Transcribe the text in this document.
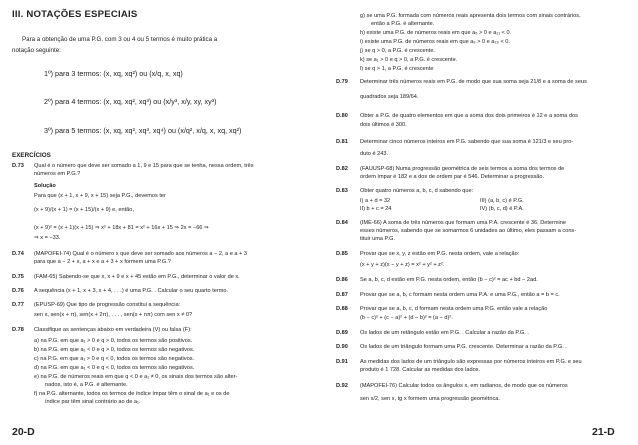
III. NOTAÇÕES ESPECIAIS
Para a obtenção de uma P.G. com 3 ou 4 ou 5 termos é muito prática a
notação seguinte:
1º) para 3 termos: (x, xq, xq²) ou (x/q, x, xq)
2º) para 4 termos: (x, xq, xq², xq³) ou (x/y³, x/y, xy, xy³)
3º) para 5 termos: (x, xq, xq², xq³, xq⁴) ou (x/q², x/q, x, xq, xq²)
EXERCÍCIOS
D.73 Qual é o número que deve ser somado a 1, 9 e 15 para que se tenha, nessa ordem, três
números em P.G.?
Solução
Para que (x + 1, x + 9, x + 15) seja P.G., devemos ter
(x + 9)/(x + 1) = (x + 15)/(x + 9) e, então,
(x + 9)² = (x + 1)(x + 15) ⇒ x² + 18x + 81 = x² + 16x + 15 ⇒ 2x = −66 ⇒
⇒ x = −33.
D.74 (MAPOFEI-74) Qual é o número x que deve ser somado aos números a − 2, a e a + 3
para que a − 2 + x, a + x e a + 3 + x formem uma P.G.?
D.75 (FAM-65) Sabendo-se que x, x + 9 e x + 45 estão em P.G., determinar o valor de x.
D.76 A sequência (x + 1, x + 3, x + 4, . . .) é uma P.G. . Calcular o seu quarto termo.
D.77 (EPUSP-69) Que tipo de progressão constitui a sequência:
sen x, sen(x + π), sen(x + 2π), . . . , sen(x + nπ) com sen x ≠ 0?
D.78 Classifique as sentenças abaixo em verdadeira (V) ou falsa (F):
a) na P.G. em que a₁ > 0 e q > 0, todos os termos são positivos.
b) na P.G. em que a₁ < 0 e q > 0, todos os termos são negativos.
c) na P.G. em que a₁ > 0 e q < 0, todos os termos são negativos.
d) na P.G. em que a₁ < 0 e q < 0, todos os termos são negativos.
e) na P.G. de números reais em que q < 0 e a₁ ≠ 0, os sinais dos termos são alter-
nados, isto é, a P.G. é alternante.
f) na P.G. alternante, todos os termos de índice ímpar têm o sinal de a₁ e os de
índice par têm sinal contrário ao de a₁.
20-D
g) se uma P.G. formada com números reais apresenta dois termos com sinais contrários,
então a P.G. é alternante.
h) existe uma P.G. de números reais em que a₅ > 0 e a₁₁ < 0.
i) existe uma P.G. de números reais em que a₉ > 0 e a₂₀ < 0.
j) se q > 0, a P.G. é crescente.
k) se a₁ > 0 e q > 0, a P.G. é crescente.
l) se q > 1, a P.G. é crescente
D.79 Determinar três números reais em P.G. de modo que sua soma seja 21/8 e a soma de seus
quadrados seja 189/64.
D.80 Obter a P.G. de quatro elementos em que a soma dos dois primeiros é 12 e a soma dos
dois últimos é 300.
D.81 Determinar cinco números inteiros em P.G. sabendo que sua soma é 121/3 e seu pro-
duto é 243.
D.82 (FAUUSP-68) Numa progressão geométrica de seis termos a soma dos termos de
ordem ímpar é 182 e a dos de ordem par é 546. Determinar a progressão.
D.83 Obter quatro números a, b, c, d sabendo que:
I) a + d = 32
II) b + c = 24
III) (a, b, c) é P.G.
IV) (b, c, d) é P.A.
D.84 (IME-66) A soma de três números que formam uma P.A. crescente é 36. Determine
esses números, sabendo que se somarmos 6 unidades ao último, eles passam a cons-
tituir uma P.G.
D.85 Provar que se x, y, z estão em P.G. nesta ordem, vale a relação:
(x + y + z)(x − y + z) = x² + y² + z².
D.86 Se a, b, c, d estão em P.G. nesta ordem, então (b − c)² = ac + bd − 2ad.
D.87 Provar que se a, b, c formam nesta ordem uma P.A. e uma P.G., então a = b = c.
D.88 Provar que se a, b, c, d formam nesta ordem uma P.G. então vale a relação
(b − c)² + (c − a)² + (d − b)² = (a − d)².
D.89 Os lados de um retângulo estão em P.G. . Calcular a razão da P.G. .
D.90 Os lados de um triângulo formam uma P.G. crescente. Determinar a razão da P.G. .
D.91 As medidas dos lados de um triângulo são expressas por números inteiros em P.G. e seu
produto é 1 728. Calcular as medidas dos lados.
D.92 (MAPOFEI-76) Calcular todos os ângulos x, em radianos, de modo que os números
sen x/2, sen x, tg x formem uma progressão geométrica.
21-D
